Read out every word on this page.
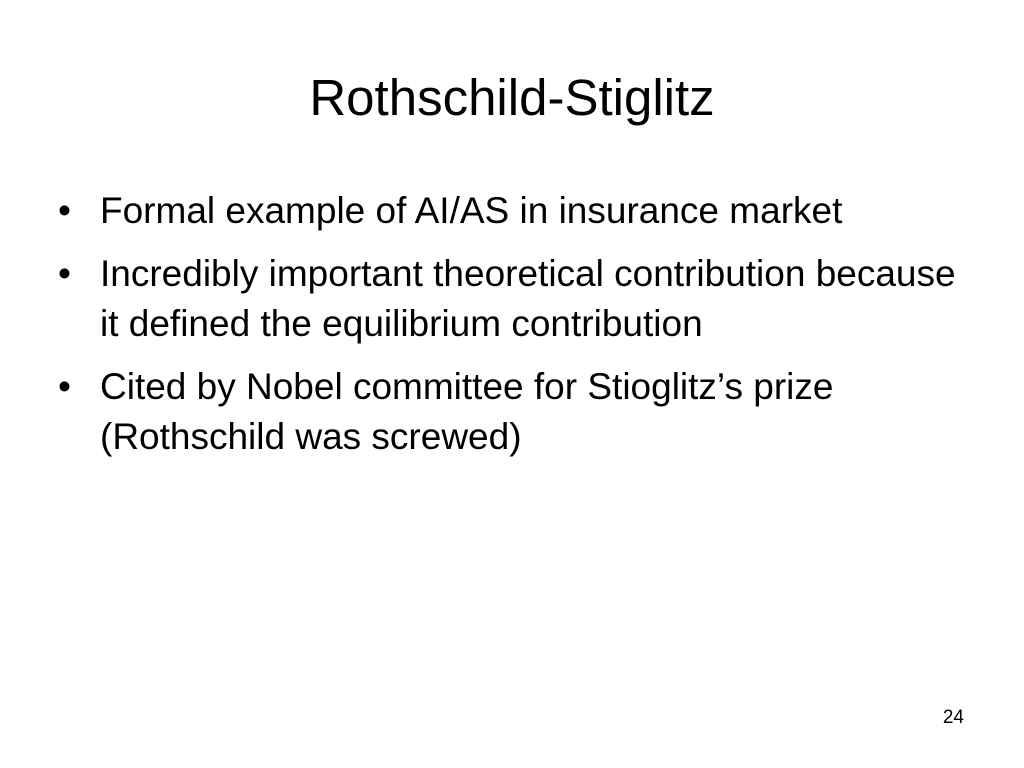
Rothschild-Stiglitz
• Formal example of AI/AS in insurance market
• Incredibly important theoretical contribution because it defined the equilibrium contribution
• Cited by Nobel committee for Stioglitz’s prize (Rothschild was screwed)
24
